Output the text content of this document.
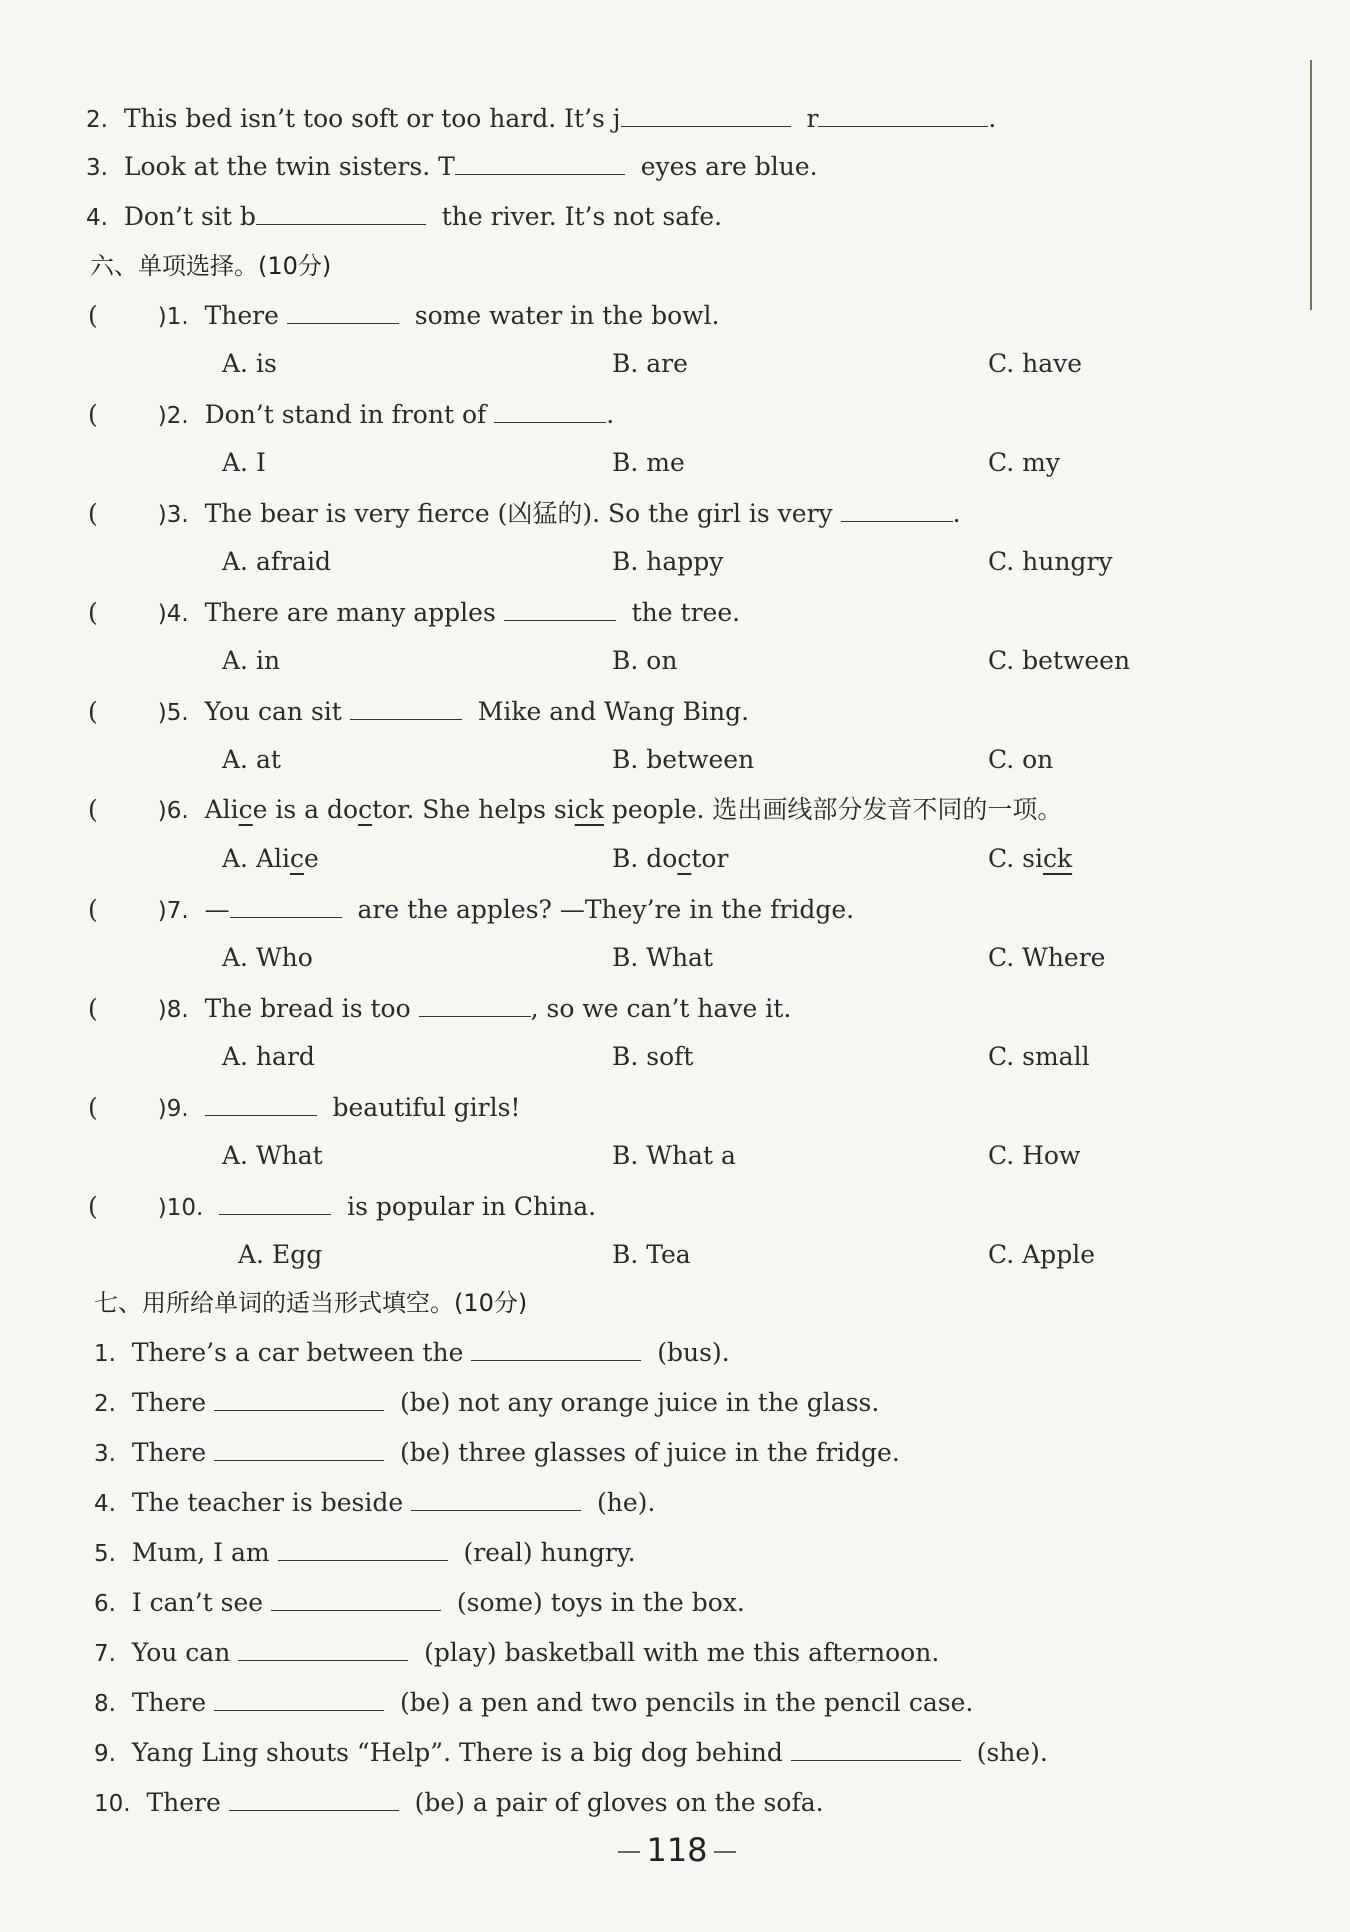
2. This bed isn’t too soft or too hard. It’s j	r	.
3. Look at the twin sisters. T	eyes are blue.
4. Don’t sit b	the river. It’s not safe.
六、单项选择。(10分)
(	)1. There	some water in the bowl.
A. is	B. are	C. have
(	)2. Don’t stand in front of	.
A. I	B. me	C. my
(	)3. The bear is very fierce (凶猛的). So the girl is very	.
A. afraid	B. happy	C. hungry
(	)4. There are many apples	the tree.
A. in	B. on	C. between
(	)5. You can sit	Mike and Wang Bing.
A. at	B. between	C. on
(	)6. Alice is a doctor. She helps sick people. 选出画线部分发音不同的一项。
A. Alice	B. doctor	C. sick
(	)7. —	are the apples? —They’re in the fridge.
A. Who	B. What	C. Where
(	)8. The bread is too	, so we can’t have it.
A. hard	B. soft	C. small
(	)9.	beautiful girls!
A. What	B. What a	C. How
(	)10.	is popular in China.
A. Egg	B. Tea	C. Apple
七、用所给单词的适当形式填空。(10分)
1. There’s a car between the	(bus).
2. There	(be) not any orange juice in the glass.
3. There	(be) three glasses of juice in the fridge.
4. The teacher is beside	(he).
5. Mum, I am	(real) hungry.
6. I can’t see	(some) toys in the box.
7. You can	(play) basketball with me this afternoon.
8. There	(be) a pen and two pencils in the pencil case.
9. Yang Ling shouts “Help”. There is a big dog behind	(she).
10. There	(be) a pair of gloves on the sofa.
118
